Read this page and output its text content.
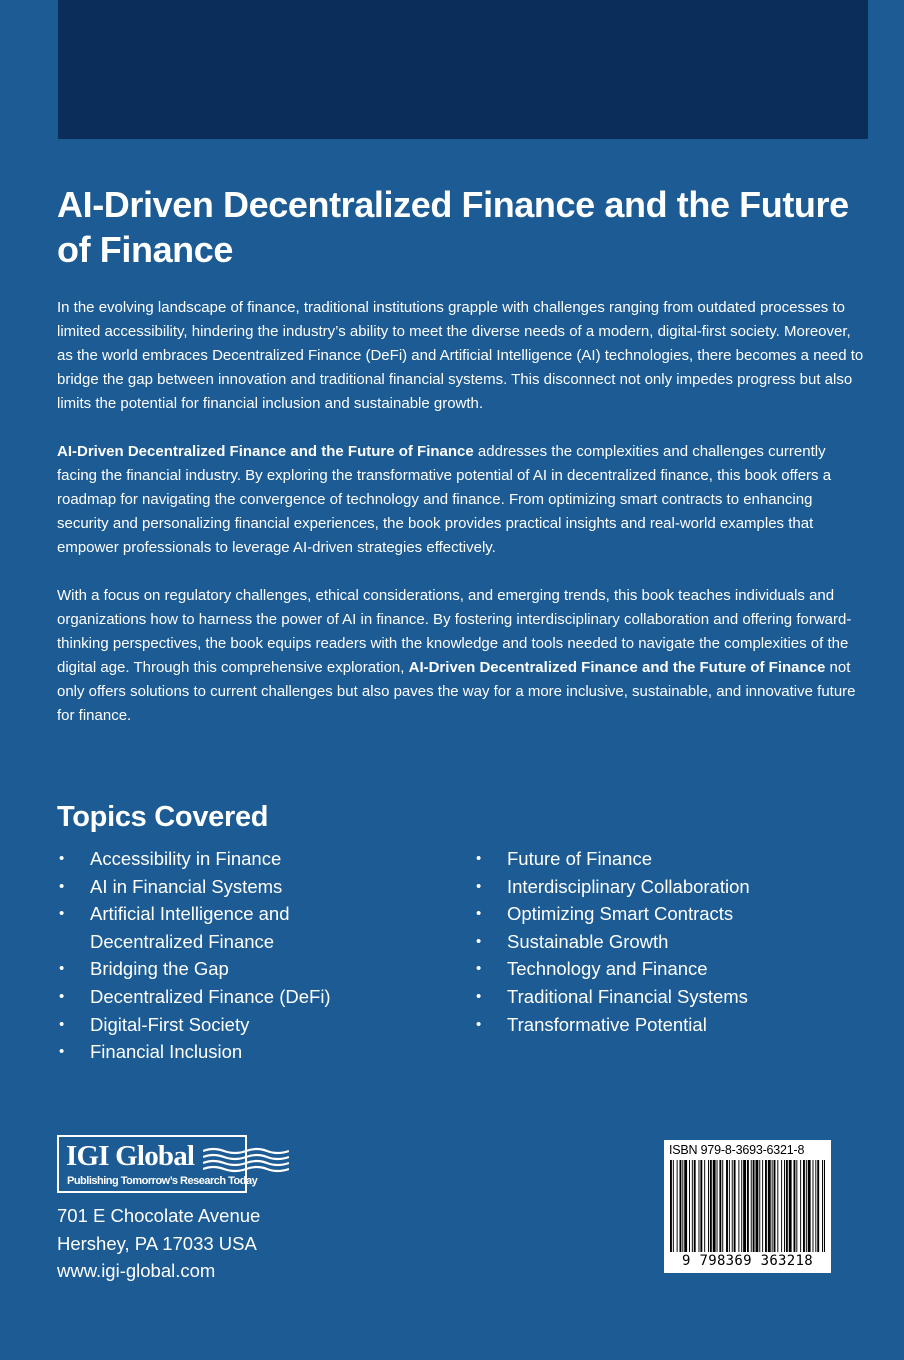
AI-Driven Decentralized Finance and the Future of Finance

In the evolving landscape of finance, traditional institutions grapple with challenges ranging from outdated processes to limited accessibility, hindering the industry’s ability to meet the diverse needs of a modern, digital-first society. Moreover, as the world embraces Decentralized Finance (DeFi) and Artificial Intelligence (AI) technologies, there becomes a need to bridge the gap between innovation and traditional financial systems. This disconnect not only impedes progress but also limits the potential for financial inclusion and sustainable growth.

AI-Driven Decentralized Finance and the Future of Finance addresses the complexities and challenges currently facing the financial industry. By exploring the transformative potential of AI in decentralized finance, this book offers a roadmap for navigating the convergence of technology and finance. From optimizing smart contracts to enhancing security and personalizing financial experiences, the book provides practical insights and real-world examples that empower professionals to leverage AI-driven strategies effectively.

With a focus on regulatory challenges, ethical considerations, and emerging trends, this book teaches individuals and organizations how to harness the power of AI in finance. By fostering interdisciplinary collaboration and offering forward-thinking perspectives, the book equips readers with the knowledge and tools needed to navigate the complexities of the digital age. Through this comprehensive exploration, AI-Driven Decentralized Finance and the Future of Finance not only offers solutions to current challenges but also paves the way for a more inclusive, sustainable, and innovative future for finance.

Topics Covered
• Accessibility in Finance
• AI in Financial Systems
• Artificial Intelligence and Decentralized Finance
• Bridging the Gap
• Decentralized Finance (DeFi)
• Digital-First Society
• Financial Inclusion
• Future of Finance
• Interdisciplinary Collaboration
• Optimizing Smart Contracts
• Sustainable Growth
• Technology and Finance
• Traditional Financial Systems
• Transformative Potential
IGI Global
Publishing Tomorrow’s Research Today

701 E Chocolate Avenue
Hershey, PA 17033 USA
www.igi-global.com

ISBN 979-8-3693-6321-8
9 798369 363218
